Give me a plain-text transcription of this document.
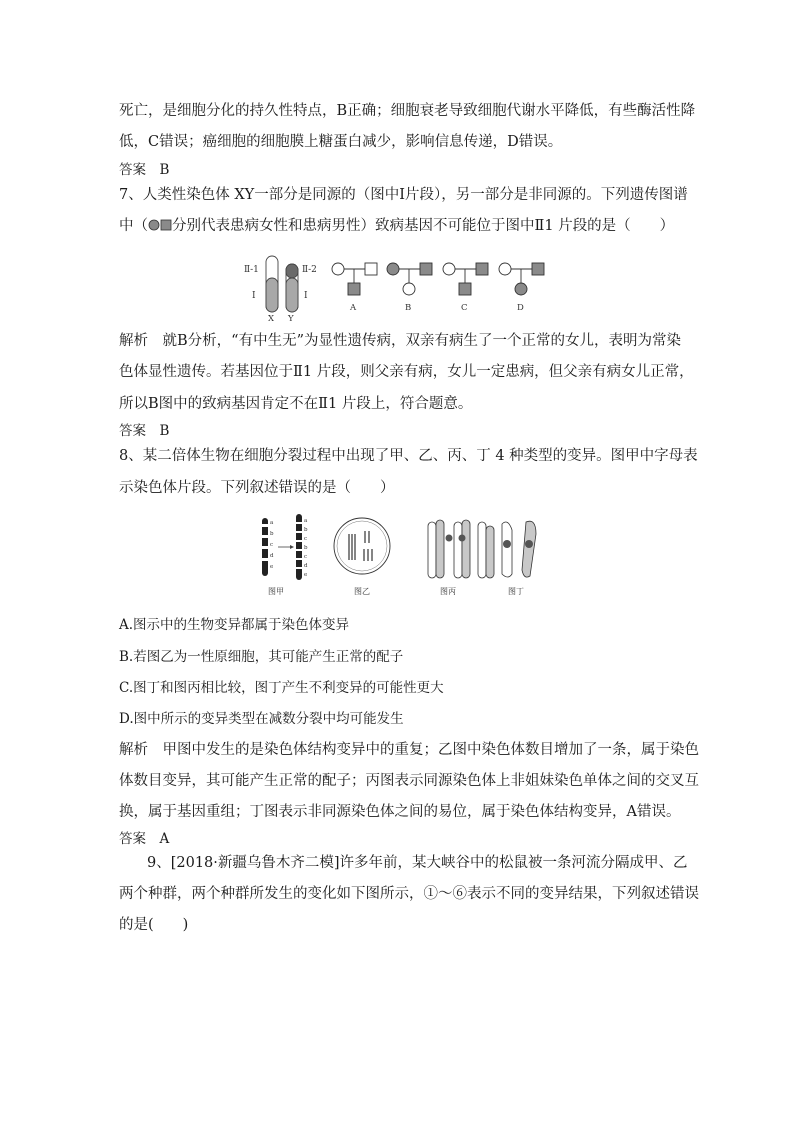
死亡，是细胞分化的持久性特点，B正确；细胞衰老导致细胞代谢水平降低，有些酶活性降
低，C错误；癌细胞的细胞膜上糖蛋白减少，影响信息传递，D错误。
答案　B
7、人类性染色体 XY一部分是同源的（图中Ⅰ片段），另一部分是非同源的。下列遗传图谱
中（ 分别代表患病女性和患病男性）致病基因不可能位于图中Ⅱ1 片段的是（　　）
Ⅱ-1
Ⅰ
X
Ⅱ-2
Ⅰ
Y
A	B	C	D
解析　就B分析，“有中生无”为显性遗传病，双亲有病生了一个正常的女儿，表明为常染
色体显性遗传。若基因位于Ⅱ1 片段，则父亲有病，女儿一定患病，但父亲有病女儿正常，
所以B图中的致病基因肯定不在Ⅱ1 片段上，符合题意。
答案　B
8、某二倍体生物在细胞分裂过程中出现了甲、乙、丙、丁 4 种类型的变异。图甲中字母表
示染色体片段。下列叙述错误的是（　　）
a
b
c
d
e
a
b
c
b
c
d
e
图甲	图乙	图丙	图丁
A.图示中的生物变异都属于染色体变异
B.若图乙为一性原细胞，其可能产生正常的配子
C.图丁和图丙相比较，图丁产生不利变异的可能性更大
D.图中所示的变异类型在减数分裂中均可能发生
解析　甲图中发生的是染色体结构变异中的重复；乙图中染色体数目增加了一条，属于染色
体数目变异，其可能产生正常的配子；丙图表示同源染色体上非姐妹染色单体之间的交叉互
换，属于基因重组；丁图表示非同源染色体之间的易位，属于染色体结构变异，A错误。
答案　A
9、[2018·新疆乌鲁木齐二模]许多年前，某大峡谷中的松鼠被一条河流分隔成甲、乙
两个种群，两个种群所发生的变化如下图所示，①～⑥表示不同的变异结果，下列叙述错误
的是(　　)
